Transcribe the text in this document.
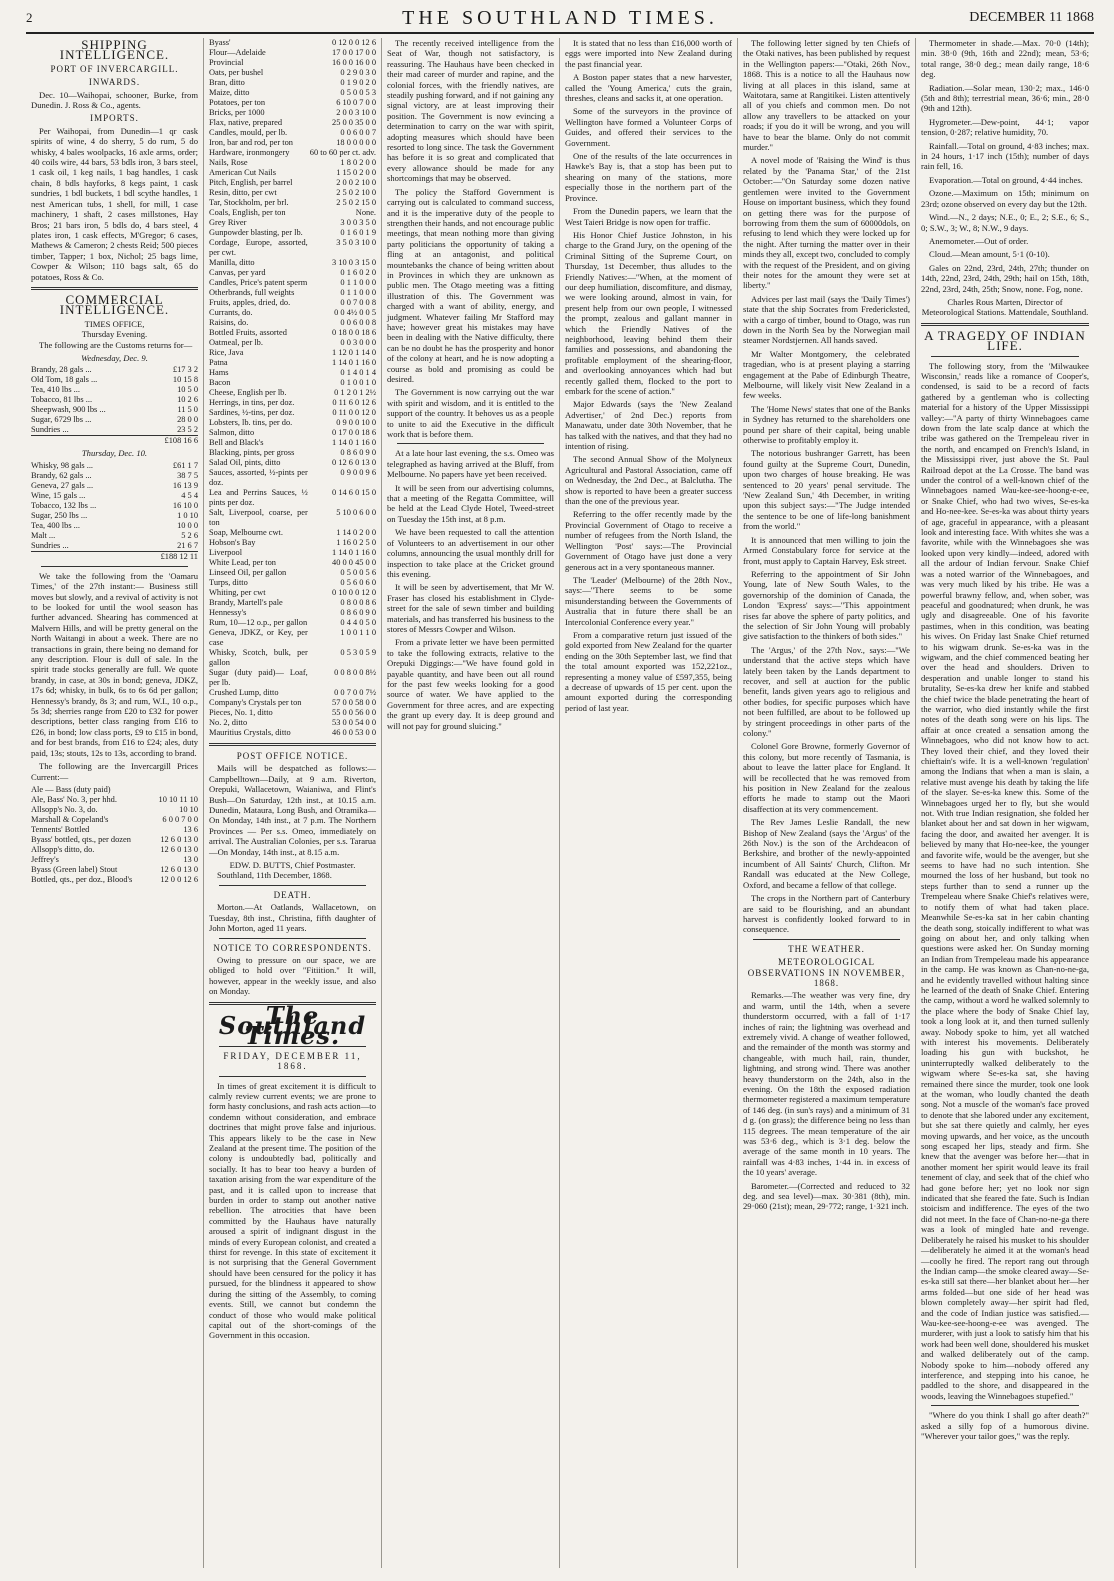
2	THE SOUTHLAND TIMES.	DECEMBER 11 1868
SHIPPING INTELLIGENCE.
PORT OF INVERCARGILL.
INWARDS.

Dec. 10—Waihopai, schooner, Burke, from Dunedin. J. Ross & Co., agents.

IMPORTS.

Per Waihopai, from Dunedin—1 qr cask spirits of wine, 4 do sherry, 5 do rum, 5 do whisky, 4 bales woolpacks, 16 axle arms, order; 40 coils wire, 44 bars, 53 bdls iron, 3 bars steel, 1 cask oil, 1 keg nails, 1 bag handles, 1 cask chain, 8 bdls hayforks, 8 kegs paint, 1 cask sundries, 1 bdl buckets, 1 bdl scythe handles, 1 nest American tubs, 1 shell, for mill, 1 case machinery, 1 shaft, 2 cases millstones, Hay Bros; 21 bars iron, 5 bdls do, 4 bars steel, 4 plates iron, 1 cask effects, M'Gregor; 6 cases, Mathews & Cameron; 2 chests Reid; 500 pieces timber, Tapper; 1 box, Nichol; 25 bags lime, Cowper & Wilson; 110 bags salt, 65 do potatoes, Ross & Co.

COMMERCIAL INTELLIGENCE.
TIMES OFFICE,
Thursday Evening.

The following are the Customs returns for—

Wednesday, Dec. 9.
Brandy, 28 gals ...	£17 3 2
Old Tom, 18 gals ...	10 15 8
Tea, 410 lbs ...	10 5 0
Tobacco, 81 lbs ...	10 2 6
Sheepwash, 900 lbs ...	11 5 0
Sugar, 6729 lbs ...	28 0 0
Sundries ...	23 5 2
	£108 16 6
Thursday, Dec. 10.
Whisky, 98 gals ...	£61 1 7
Brandy, 62 gals ...	38 7 5
Geneva, 27 gals ...	16 13 9
Wine, 15 gals ...	4 5 4
Tobacco, 132 lbs ...	16 10 0
Sugar, 250 lbs ...	1 0 10
Tea, 400 lbs ...	10 0 0
Malt ...	5 2 6
Sundries ...	21 6 7
	£188 12 11

We take the following from the 'Oamaru Times,' of the 27th instant:— Business still moves but slowly, and a revival of activity is not to be looked for until the wool season has further advanced. Shearing has commenced at Malvern Hills, and will be pretty general on the North Waitangi in about a week. There are no transactions in grain, there being no demand for any description. Flour is dull of sale. In the spirit trade stocks generally are full. We quote brandy, in case, at 30s in bond; geneva, JDKZ, 17s 6d; whisky, in bulk, 6s to 6s 6d per gallon; Hennessy's brandy, 8s 3; and rum, W.I., 10 o.p., 5s 3d; sherries range from £20 to £32 for power descriptions, better class ranging from £16 to £26, in bond; low class ports, £9 to £15 in bond, and for best brands, from £16 to £24; ales, duty paid, 13s; stouts, 12s to 13s, according to brand.

The following are the Invercargill Prices Current:—

Ale — Bass (duty paid)	
Ale, Bass' No. 3, per hhd.	10 10 11 10
Allsopp's No. 3, do.	10 10
Marshall & Copeland's	6 0 0 7 0 0
Tennents' Bottled	13 6
Byass' bottled, qts., per dozen	12 6 0 13 0
Allsopp's ditto, do.	12 6 0 13 0
Jeffrey's	13 0
Byass (Green label) Stout	12 6 0 13 0
Bottled, qts., per doz., Blood's	12 0 0 12 6
Byass'	0 12 0 0 12 6
Flour—Adelaide	17 0 0 17 0 0
Provincial	16 0 0 16 0 0
Oats, per bushel	0 2 9 0 3 0
Bran, ditto	0 1 9 0 2 0
Maize, ditto	0 5 0 0 5 3
Potatoes, per ton	6 10 0 7 0 0
Bricks, per 1000	2 0 0 3 10 0
Flax, native, prepared	25 0 0 35 0 0
Candles, mould, per lb.	0 0 6 0 0 7
Iron, bar and rod, per ton	18 0 0 0 0 0
Hardware, ironmongery	60 to 60 per ct. adv.
Nails, Rose	1 8 0 2 0 0
American Cut Nails	1 15 0 2 0 0
Pitch, English, per barrel	2 0 0 2 10 0
Resin, ditto, per cwt	2 5 0 2 10 0
Tar, Stockholm, per brl.	2 5 0 2 15 0
Coals, English, per ton	None.
Grey River	3 0 0 3 5 0
Gunpowder blasting, per lb.	0 1 6 0 1 9
Cordage, Europe, assorted, per cwt.	3 5 0 3 10 0
Manilla, ditto	3 10 0 3 15 0
Canvas, per yard	0 1 6 0 2 0
Candles, Price's patent sperm	0 1 1 0 0 0
Otherbrands, full weights	0 1 1 0 0 0
Fruits, apples, dried, do.	0 0 7 0 0 8
Currants, do.	0 0 4½ 0 0 5
Raisins, do.	0 0 6 0 0 8
Bottled Fruits, assorted	0 18 0 0 18 6
Oatmeal, per lb.	0 0 3 0 0 0
Rice, Java	1 12 0 1 14 0
Patna	1 14 0 1 16 0
Hams	0 1 4 0 1 4
Bacon	0 1 0 0 1 0
Cheese, English per lb.	0 1 2 0 1 2½
Herrings, in tins, per doz.	0 11 6 0 12 6
Sardines, ½-tins, per doz.	0 11 0 0 12 0
Lobsters, lb. tins, per do.	0 9 0 0 10 0
Salmon, ditto	0 17 0 0 18 6
Bell and Black's	1 14 0 1 16 0
Blacking, pints, per gross	0 8 6 0 9 0
Salad Oil, pints, ditto	0 12 6 0 13 0
Sauces, assorted, ½-pints per doz.	0 9 0 0 9 6
Lea and Perrins Sauces, ½ pints per doz.	0 14 6 0 15 0
Salt, Liverpool, coarse, per ton	5 10 0 6 0 0
Soap, Melbourne cwt.	1 14 0 2 0 0
Hobson's Bay	1 16 0 2 5 0
Liverpool	1 14 0 1 16 0
White Lead, per ton	40 0 0 45 0 0
Linseed Oil, per gallon	0 5 0 0 5 6
Turps, ditto	0 5 6 0 6 0
Whiting, per cwt	0 10 0 0 12 0
Brandy, Martell's pale	0 8 0 0 8 6
Hennessy's	0 8 6 0 9 0
Rum, 10—12 o.p., per gallon	0 4 4 0 5 0
Geneva, JDKZ, or Key, per case	1 0 0 1 1 0
Whisky, Scotch, bulk, per gallon	0 5 3 0 5 9
Sugar (duty paid)— Loaf, per lb.	0 0 8 0 0 8½
Crushed Lump, ditto	0 0 7 0 0 7½
Company's Crystals per ton	57 0 0 58 0 0
Pieces, No. 1, ditto	55 0 0 56 0 0
No. 2, ditto	53 0 0 54 0 0
Mauritius Crystals, ditto	46 0 0 53 0 0
POST OFFICE NOTICE.

Mails will be despatched as follows:— Campbelltown—Daily, at 9 a.m. Riverton, Orepuki, Wallacetown, Waianiwa, and Flint's Bush—On Saturday, 12th inst., at 10.15 a.m. Dunedin, Mataura, Long Bush, and Otramika—On Monday, 14th inst., at 7 p.m. The Northern Provinces — Per s.s. Omeo, immediately on arrival. The Australian Colonies, per s.s. Tararua—On Monday, 14th inst., at 8.15 a.m.

EDW. D. BUTTS, Chief Postmaster.

Southland, 11th December, 1868.

DEATH.

Morton.—At Oatlands, Wallacetown, on Tuesday, 8th inst., Christina, fifth daughter of John Morton, aged 11 years.

NOTICE TO CORRESPONDENTS.

Owing to pressure on our space, we are obliged to hold over "Fitiition." It will, however, appear in the weekly issue, and also on Monday.

The Southland Times.
FRIDAY, DECEMBER 11, 1868.

In times of great excitement it is difficult to calmly review current events; we are prone to form hasty conclusions, and rash acts action—to condemn without consideration, and embrace doctrines that might prove false and injurious. This appears likely to be the case in New Zealand at the present time. The position of the colony is undoubtedly bad, politically and socially. It has to bear too heavy a burden of taxation arising from the war expenditure of the past, and it is called upon to increase that burden in order to stamp out another native rebellion. The atrocities that have been committed by the Hauhaus have naturally aroused a spirit of indignant disgust in the minds of every European colonist, and created a thirst for revenge. In this state of excitement it is not surprising that the General Government should have been censured for the policy it has pursued, for the blindness it appeared to show during the sitting of the Assembly, to coming events. Still, we cannot but condemn the conduct of those who would make political capital out of the short-comings of the Government in this occasion.

The recently received intelligence from the Seat of War, though not satisfactory, is reassuring. The Hauhaus have been checked in their mad career of murder and rapine, and the colonial forces, with the friendly natives, are steadily pushing forward, and if not gaining any signal victory, are at least improving their position. The Government is now evincing a determination to carry on the war with spirit, adopting measures which should have been resorted to long since. The task the Government has before it is so great and complicated that every allowance should be made for any shortcomings that may be observed.

The policy the Stafford Government is carrying out is calculated to command success, and it is the imperative duty of the people to strengthen their hands, and not encourage public meetings, that mean nothing more than giving party politicians the opportunity of taking a fling at an antagonist, and political mountebanks the chance of being written about in Provinces in which they are unknown as public men. The Otago meeting was a fitting illustration of this. The Government was charged with a want of ability, energy, and judgment. Whatever failing Mr Stafford may have; however great his mistakes may have been in dealing with the Native difficulty, there can be no doubt he has the prosperity and honor of the colony at heart, and he is now adopting a course as bold and promising as could be desired.

The Government is now carrying out the war with spirit and wisdom, and it is entitled to the support of the country. It behoves us as a people to unite to aid the Executive in the difficult work that is before them.

At a late hour last evening, the s.s. Omeo was telegraphed as having arrived at the Bluff, from Melbourne. No papers have yet been received.

It will be seen from our advertising columns, that a meeting of the Regatta Committee, will be held at the Lead Clyde Hotel, Tweed-street on Tuesday the 15th inst, at 8 p.m.

We have been requested to call the attention of Volunteers to an advertisement in our other columns, announcing the usual monthly drill for inspection to take place at the Cricket ground this evening.

It will be seen by advertisement, that Mr W. Fraser has closed his establishment in Clyde-street for the sale of sewn timber and building materials, and has transferred his business to the stores of Messrs Cowper and Wilson.

From a private letter we have been permitted to take the following extracts, relative to the Orepuki Diggings:—"We have found gold in payable quantity, and have been out all round for the past few weeks looking for a good source of water. We have applied to the Government for three acres, and are expecting the grant up every day. It is deep ground and will not pay for ground sluicing."

It is stated that no less than £16,000 worth of eggs were imported into New Zealand during the past financial year.

A Boston paper states that a new harvester, called the 'Young America,' cuts the grain, threshes, cleans and sacks it, at one operation.

Some of the surveyors in the province of Wellington have formed a Volunteer Corps of Guides, and offered their services to the Government.

One of the results of the late occurrences in Hawke's Bay is, that a stop has been put to shearing on many of the stations, more especially those in the northern part of the Province.

From the Dunedin papers, we learn that the West Taieri Bridge is now open for traffic.

His Honor Chief Justice Johnston, in his charge to the Grand Jury, on the opening of the Criminal Sitting of the Supreme Court, on Thursday, 1st December, thus alludes to the Friendly Natives:—"When, at the moment of our deep humiliation, discomfiture, and dismay, we were looking around, almost in vain, for present help from our own people, I witnessed the prompt, zealous and gallant manner in which the Friendly Natives of the neighborhood, leaving behind them their families and possessions, and abandoning the profitable employment of the shearing-floor, and overlooking annoyances which had but recently galled them, flocked to the port to embark for the scene of action."

Major Edwards (says the 'New Zealand Advertiser,' of 2nd Dec.) reports from Manawatu, under date 30th November, that he has talked with the natives, and that they had no intention of rising.

The second Annual Show of the Molyneux Agricultural and Pastoral Association, came off on Wednesday, the 2nd Dec., at Balclutha. The show is reported to have been a greater success than the one of the previous year.

Referring to the offer recently made by the Provincial Government of Otago to receive a number of refugees from the North Island, the Wellington 'Post' says:—The Provincial Government of Otago have just done a very generous act in a very spontaneous manner.

The 'Leader' (Melbourne) of the 28th Nov., says:—"There seems to be some misunderstanding between the Governments of Australia that in future there shall be an Intercolonial Conference every year."

From a comparative return just issued of the gold exported from New Zealand for the quarter ending on the 30th September last, we find that the total amount exported was 152,221oz., representing a money value of £597,355, being a decrease of upwards of 15 per cent. upon the amount exported during the corresponding period of last year.

The following letter signed by ten Chiefs of the Otaki natives, has been published by request in the Wellington papers:—"Otaki, 26th Nov., 1868. This is a notice to all the Hauhaus now living at all places in this island, same at Waitotara, same at Rangitikei. Listen attentively all of you chiefs and common men. Do not allow any travellers to be attacked on your roads; if you do it will be wrong, and you will have to bear the blame. Only do not commit murder."

A novel mode of 'Raising the Wind' is thus related by the 'Panama Star,' of the 21st October:—"On Saturday some dozen native gentlemen were invited to the Government House on important business, which they found on getting there was for the purpose of borrowing from them the sum of 60000dols, on refusing to lend which they were locked up for the night. After turning the matter over in their minds they all, except two, concluded to comply with the request of the President, and on giving their notes for the amount they were set at liberty."

Advices per last mail (says the 'Daily Times') state that the ship Socrates from Fredericksted, with a cargo of timber, bound to Otago, was run down in the North Sea by the Norwegian mail steamer Nordstjernen. All hands saved.

Mr Walter Montgomery, the celebrated tragedian, who is at present playing a starring engagement at the Pabe of Edinburgh Theatre, Melbourne, will likely visit New Zealand in a few weeks.

The 'Home News' states that one of the Banks in Sydney has returned to the shareholders one pound per share of their capital, being unable otherwise to profitably employ it.

The notorious bushranger Garrett, has been found guilty at the Supreme Court, Dunedin, upon two charges of house breaking. He was sentenced to 20 years' penal servitude. The 'New Zealand Sun,' 4th December, in writing upon this subject says:—"The Judge intended the sentence to be one of life-long banishment from the world."

It is announced that men willing to join the Armed Constabulary force for service at the front, must apply to Captain Harvey, Esk street.

Referring to the appointment of Sir John Young, late of New South Wales, to the governorship of the dominion of Canada, the London 'Express' says:—"This appointment rises far above the sphere of party politics, and the selection of Sir John Young will probably give satisfaction to the thinkers of both sides."

The 'Argus,' of the 27th Nov., says:—"We understand that the active steps which have lately been taken by the Lands department to recover, and sell at auction for the public benefit, lands given years ago to religious and other bodies, for specific purposes which have not been fulfilled, are about to be followed up by stringent proceedings in other parts of the colony."

Colonel Gore Browne, formerly Governor of this colony, but more recently of Tasmania, is about to leave the latter place for England. It will be recollected that he was removed from his position in New Zealand for the zealous efforts he made to stamp out the Maori disaffection at its very commencement.

The Rev James Leslie Randall, the new Bishop of New Zealand (says the 'Argus' of the 26th Nov.) is the son of the Archdeacon of Berkshire, and brother of the newly-appointed incumbent of All Saints' Church, Clifton. Mr Randall was educated at the New College, Oxford, and became a fellow of that college.

The crops in the Northern part of Canterbury are said to be flourishing, and an abundant harvest is confidently looked forward to in consequence.

THE WEATHER.
METEOROLOGICAL OBSERVATIONS IN NOVEMBER, 1868.

Remarks.—The weather was very fine, dry and warm, until the 14th, when a severe thunderstorm occurred, with a fall of 1·17 inches of rain; the lightning was overhead and extremely vivid. A change of weather followed, and the remainder of the month was stormy and changeable, with much hail, rain, thunder, lightning, and strong wind. There was another heavy thunderstorm on the 24th, also in the evening. On the 18th the exposed radiation thermometer registered a maximum temperature of 146 deg. (in sun's rays) and a minimum of 31 d g. (on grass); the difference being no less than 115 degrees. The mean temperature of the air was 53·6 deg., which is 3·1 deg. below the average of the same month in 10 years. The rainfall was 4·83 inches, 1·44 in. in excess of the 10 years' average.

Barometer.—(Corrected and reduced to 32 deg. and sea level)—max. 30·381 (8th), min. 29·060 (21st); mean, 29·772; range, 1·321 inch.

Thermometer in shade.—Max. 70·0 (14th); min. 38·0 (9th, 16th and 22nd); mean, 53·6; total range, 38·0 deg.; mean daily range, 18·6 deg.

Radiation.—Solar mean, 130·2; max., 146·0 (5th and 8th); terrestrial mean, 36·6; min., 28·0 (9th and 12th).

Hygrometer.—Dew-point, 44·1; vapor tension, 0·287; relative humidity, 70.

Rainfall.—Total on ground, 4·83 inches; max. in 24 hours, 1·17 inch (15th); number of days rain fell, 16.

Evaporation.—Total on ground, 4·44 inches.

Ozone.—Maximum on 15th; minimum on 23rd; ozone observed on every day but the 12th.

Wind.—N., 2 days; N.E., 0; E., 2; S.E., 6; S., 0; S.W., 3; W., 8; N.W., 9 days.

Anemometer.—Out of order.

Cloud.—Mean amount, 5·1 (0-10).

Gales on 22nd, 23rd, 24th, 27th; thunder on 14th, 22nd, 23rd, 24th, 29th; hail on 15th, 18th, 22nd, 23rd, 24th, 25th; Snow, none. Fog, none.

Charles Rous Marten, Director of Meteorological Stations. Mattendale, Southland.
A TRAGEDY OF INDIAN LIFE.

The following story, from the 'Milwaukee Wisconsin,' reads like a romance of Cooper's, condensed, is said to be a record of facts gathered by a gentleman who is collecting material for a history of the Upper Mississippi valley:—"A party of thirty Winnebagoes came down from the late scalp dance at which the tribe was gathered on the Trempeleau river in the north, and encamped on French's Island, in the Mississippi river, just above the St. Paul Railroad depot at the La Crosse. The band was under the control of a well-known chief of the Winnebagoes named Wau-kee-see-hoong-e-ee, or Snake Chief, who had two wives, Se-es-ka and Ho-nee-kee. Se-es-ka was about thirty years of age, graceful in appearance, with a pleasant look and interesting face. With whites she was a favorite, while with the Winnebagoes she was looked upon very kindly—indeed, adored with all the ardour of Indian fervour. Snake Chief was a noted warrior of the Winnebagoes, and was very much liked by his tribe. He was a powerful brawny fellow, and, when sober, was peaceful and goodnatured; when drunk, he was ugly and disagreeable. One of his favorite pastimes, when in this condition, was beating his wives. On Friday last Snake Chief returned to his wigwam drunk. Se-es-ka was in the wigwam, and the chief commenced beating her over the head and shoulders. Driven to desperation and unable longer to stand his brutality, Se-es-ka drew her knife and stabbed the chief twice the blade penetrating the heart of the warrior, who died instantly while the first notes of the death song were on his lips. The affair at once created a sensation among the Winnebagoes, who did not know how to act. They loved their chief, and they loved their chieftain's wife. It is a well-known 'regulation' among the Indians that when a man is slain, a relative must avenge his death by taking the life of the slayer. Se-es-ka knew this. Some of the Winnebagoes urged her to fly, but she would not. With true Indian resignation, she folded her blanket about her and sat down in her wigwam, facing the door, and awaited her avenger. It is believed by many that Ho-nee-kee, the younger and favorite wife, would be the avenger, but she seems to have had no such intention. She mourned the loss of her husband, but took no steps further than to send a runner up the Trempeleau where Snake Chief's relatives were, to notify them of what had taken place. Meanwhile Se-es-ka sat in her cabin chanting the death song, stoically indifferent to what was going on about her, and only talking when questions were asked her. On Sunday morning an Indian from Trempeleau made his appearance in the camp. He was known as Chan-no-ne-ga, and he evidently travelled without halting since he learned of the death of Snake Chief. Entering the camp, without a word he walked solemnly to the place where the body of Snake Chief lay, took a long look at it, and then turned sullenly away. Nobody spoke to him, yet all watched with interest his movements. Deliberately loading his gun with buckshot, he uninterruptedly walked deliberately to the wigwam where Se-es-ka sat, she having remained there since the murder, took one look at the woman, who loudly chanted the death song. Not a muscle of the woman's face proved to denote that she labored under any excitement, but she sat there quietly and calmly, her eyes moving upwards, and her voice, as the uncouth song escaped her lips, steady and firm. She knew that the avenger was before her—that in another moment her spirit would leave its frail tenement of clay, and seek that of the chief who had gone before her; yet no look nor sign indicated that she feared the fate. Such is Indian stoicism and indifference. The eyes of the two did not meet. In the face of Chan-no-ne-ga there was a look of mingled hate and revenge. Deliberately he raised his musket to his shoulder—deliberately he aimed it at the woman's head—coolly he fired. The report rang out through the Indian camp—the smoke cleared away—Se-es-ka still sat there—her blanket about her—her arms folded—but one side of her head was blown completely away—her spirit had fled, and the code of Indian justice was satisfied.—Wau-kee-see-hoong-e-ee was avenged. The murderer, with just a look to satisfy him that his work had been well done, shouldered his musket and walked deliberately out of the camp. Nobody spoke to him—nobody offered any interference, and stepping into his canoe, he paddled to the shore, and disappeared in the woods, leaving the Winnebagoes stupefied."

"Where do you think I shall go after death?" asked a silly fop of a humorous divine. "Wherever your tailor goes," was the reply.
